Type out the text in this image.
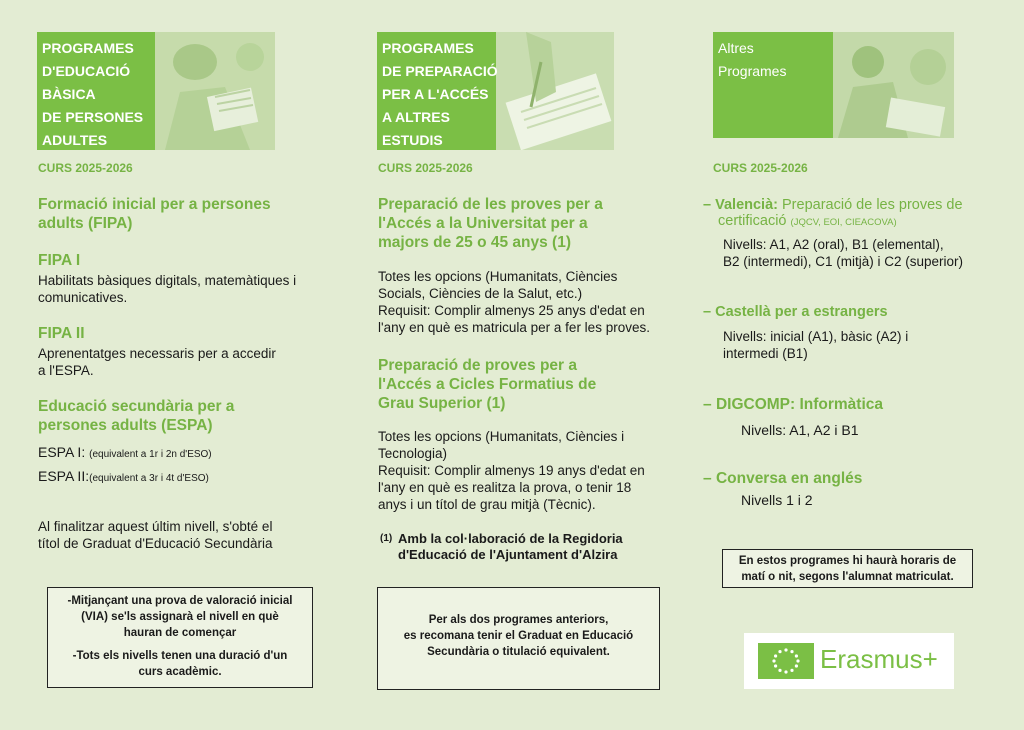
PROGRAMES
D'EDUCACIÓ
BÀSICA
DE PERSONES
ADULTES
CURS 2025-2026
Formació inicial per a persones
adults (FIPA)
FIPA I
Habilitats bàsiques digitals, matemàtiques i
comunicatives.
FIPA II
Aprenentatges necessaris per a accedir
a l'ESPA.
Educació secundària per a
persones adults (ESPA)
ESPA I: (equivalent a 1r i 2n d'ESO)
ESPA II:(equivalent a 3r i 4t d'ESO)
Al finalitzar aquest últim nivell, s'obté el
títol de Graduat d'Educació Secundària
-Mitjançant una prova de valoració inicial
(VIA) se'ls assignarà el nivell en què
hauran de començar
-Tots els nivells tenen una duració d'un
curs acadèmic.
PROGRAMES
DE PREPARACIÓ
PER A L'ACCÉS
A ALTRES
ESTUDIS
CURS 2025-2026
Preparació de les proves per a
l'Accés a la Universitat per a
majors de 25 o 45 anys (1)
Totes les opcions (Humanitats, Ciències
Socials, Ciències de la Salut, etc.)
Requisit: Complir almenys 25 anys d'edat en
l'any en què es matricula per a fer les proves.
Preparació de proves per a
l'Accés a Cicles Formatius de
Grau Superior (1)
Totes les opcions (Humanitats, Ciències i
Tecnologia)
Requisit: Complir almenys 19 anys d'edat en
l'any en què es realitza la prova, o tenir 18
anys i un títol de grau mitjà (Tècnic).
(1) Amb la col·laboració de la Regidoria
d'Educació de l'Ajuntament d'Alzira
Per als dos programes anteriors,
es recomana tenir el Graduat en Educació
Secundària o titulació equivalent.
Altres
Programes
CURS 2025-2026
– Valencià: Preparació de les proves de
certificació (JQCV, EOI, CIEACOVA)
Nivells: A1, A2 (oral), B1 (elemental),
B2 (intermedi), C1 (mitjà) i C2 (superior)
– Castellà per a estrangers
Nivells: inicial (A1), bàsic (A2) i
intermedi (B1)
– DIGCOMP: Informàtica
Nivells: A1, A2 i B1
– Conversa en anglés
Nivells 1 i 2
En estos programes hi haurà horaris de
matí o nit, segons l'alumnat matriculat.
Erasmus+
